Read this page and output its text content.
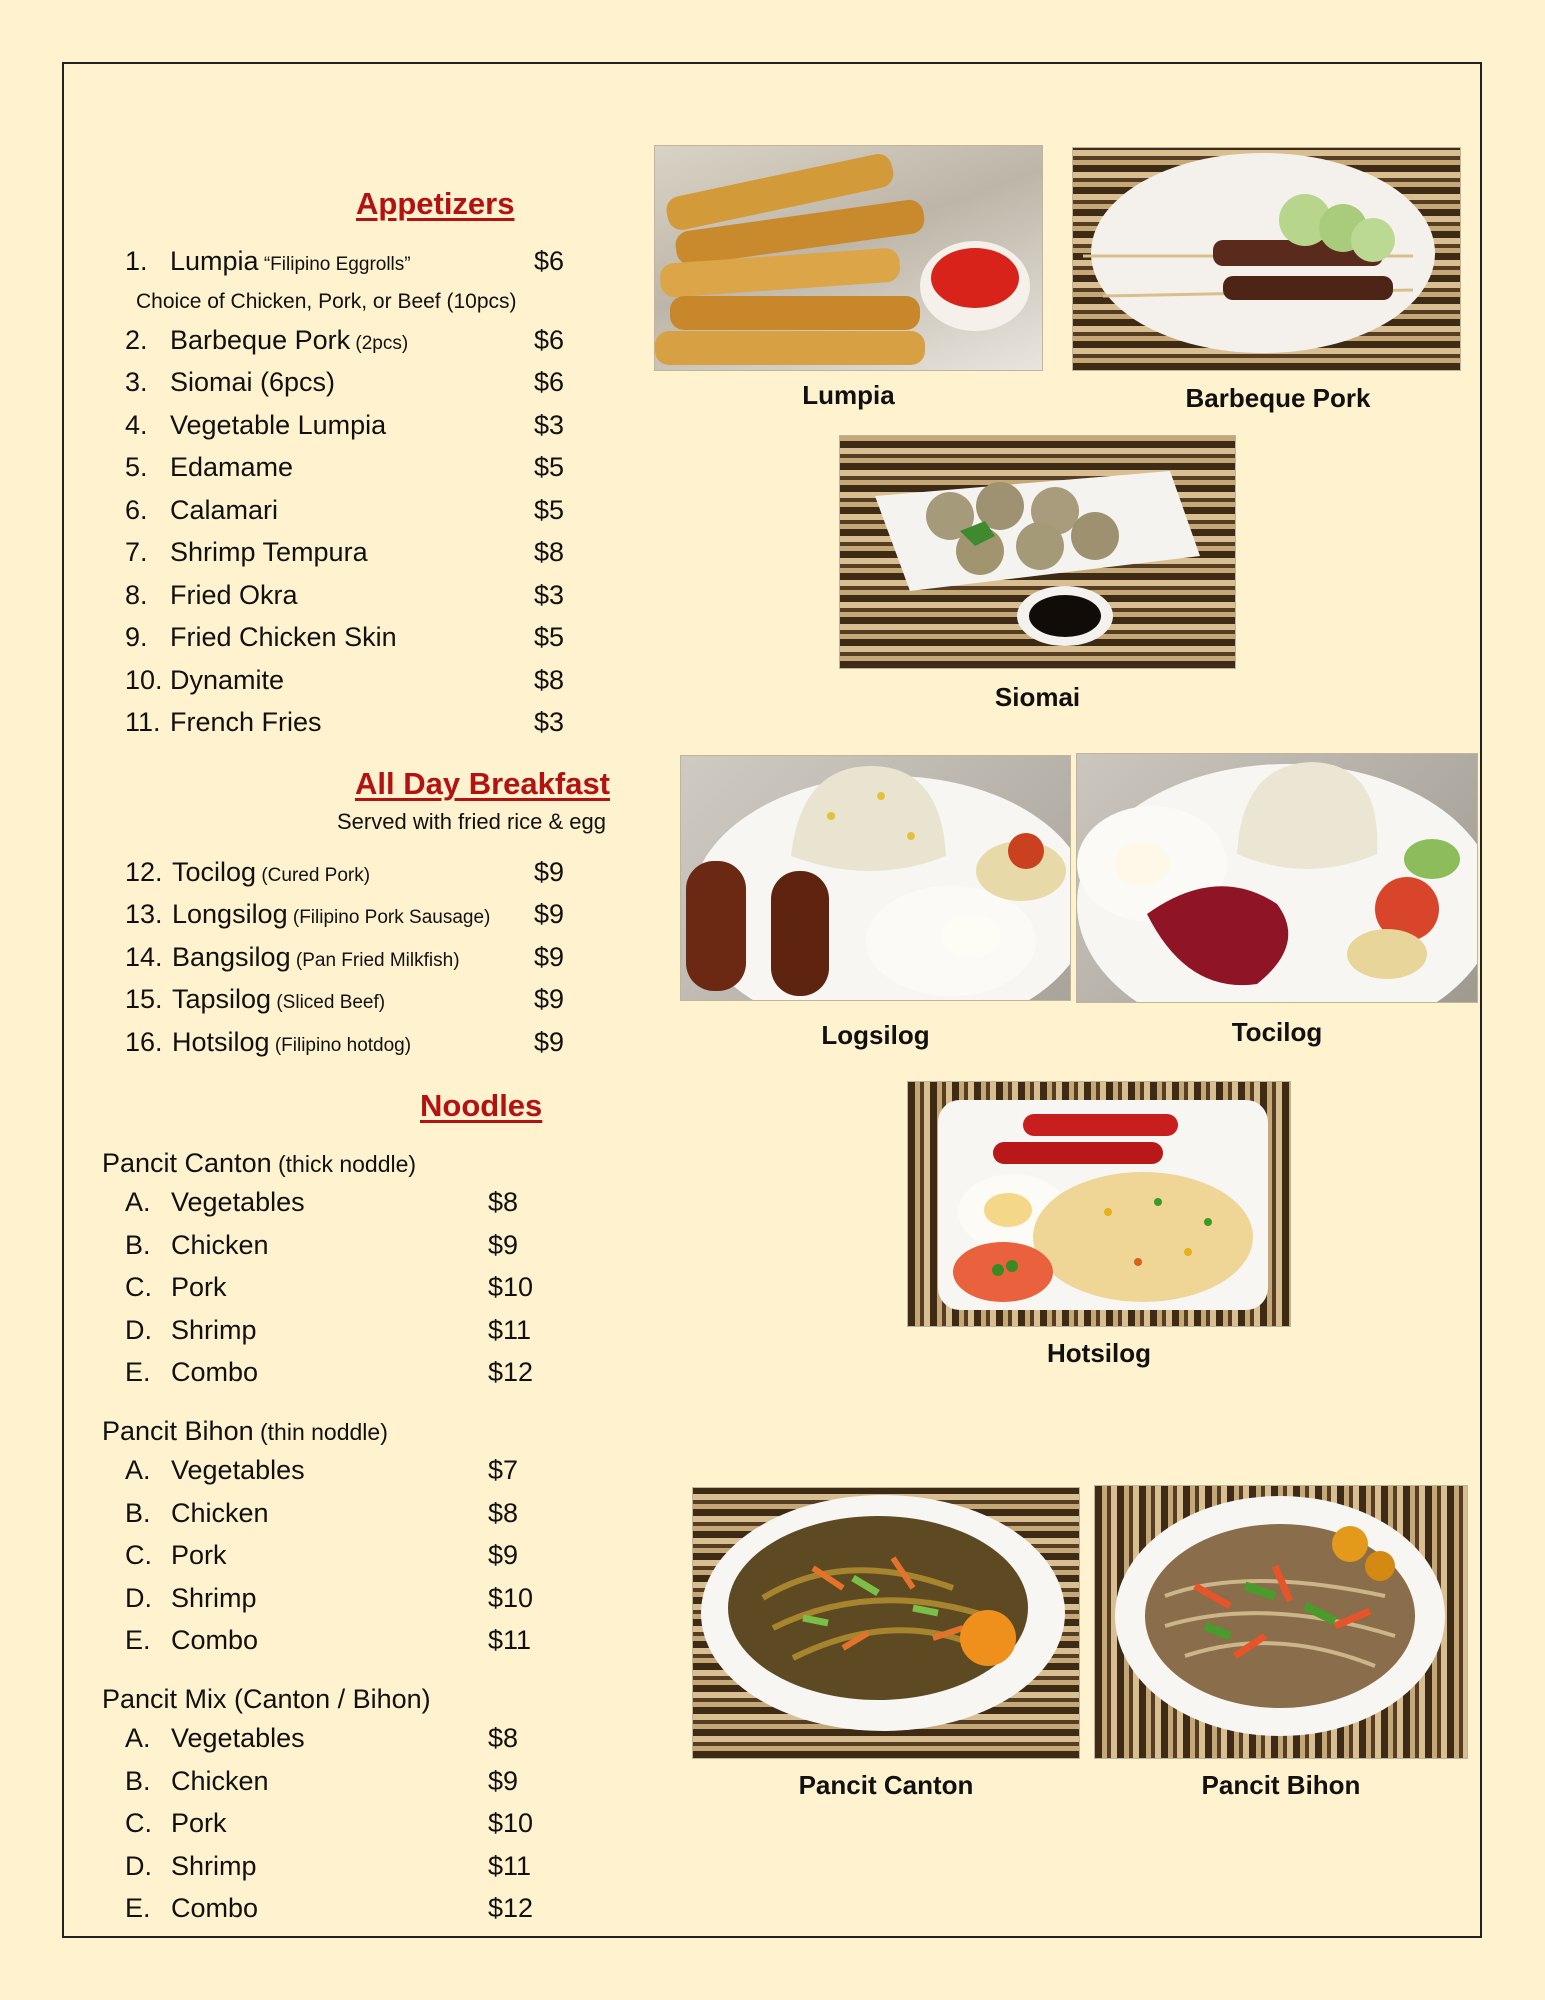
Appetizers
1. Lumpia “Filipino Eggrolls”	$6
2. Barbeque Pork (2pcs)	$6
3. Siomai (6pcs)	$6
4. Vegetable Lumpia	$3
5. Edamame	$5
6. Calamari	$5
7. Shrimp Tempura	$8
8. Fried Okra	$3
9. Fried Chicken Skin	$5
10. Dynamite	$8
11. French Fries	$3
Choice of Chicken, Pork, or Beef (10pcs)
All Day Breakfast
Served with fried rice & egg
12. Tocilog (Cured Pork)	$9
13. Longsilog (Filipino Pork Sausage) $9
14. Bangsilog (Pan Fried Milkfish)	$9
15. Tapsilog (Sliced Beef)	$9
16. Hotsilog (Filipino hotdog)	$9
Noodles
Pancit Canton (thick noddle)
A. Vegetables	$8
B. Chicken	$9
C. Pork	$10
D. Shrimp	$11
E. Combo	$12
Pancit Bihon (thin noddle)
A. Vegetables	$7
B. Chicken	$8
C. Pork	$9
D. Shrimp	$10
E. Combo	$11
Pancit Mix (Canton / Bihon)
A. Vegetables	$8
B. Chicken	$9
C. Pork	$10
D. Shrimp	$11
E. Combo	$12
Lumpia	Barbeque Pork
Siomai
Logsilog	Tocilog
Hotsilog
Pancit Canton	Pancit Bihon
